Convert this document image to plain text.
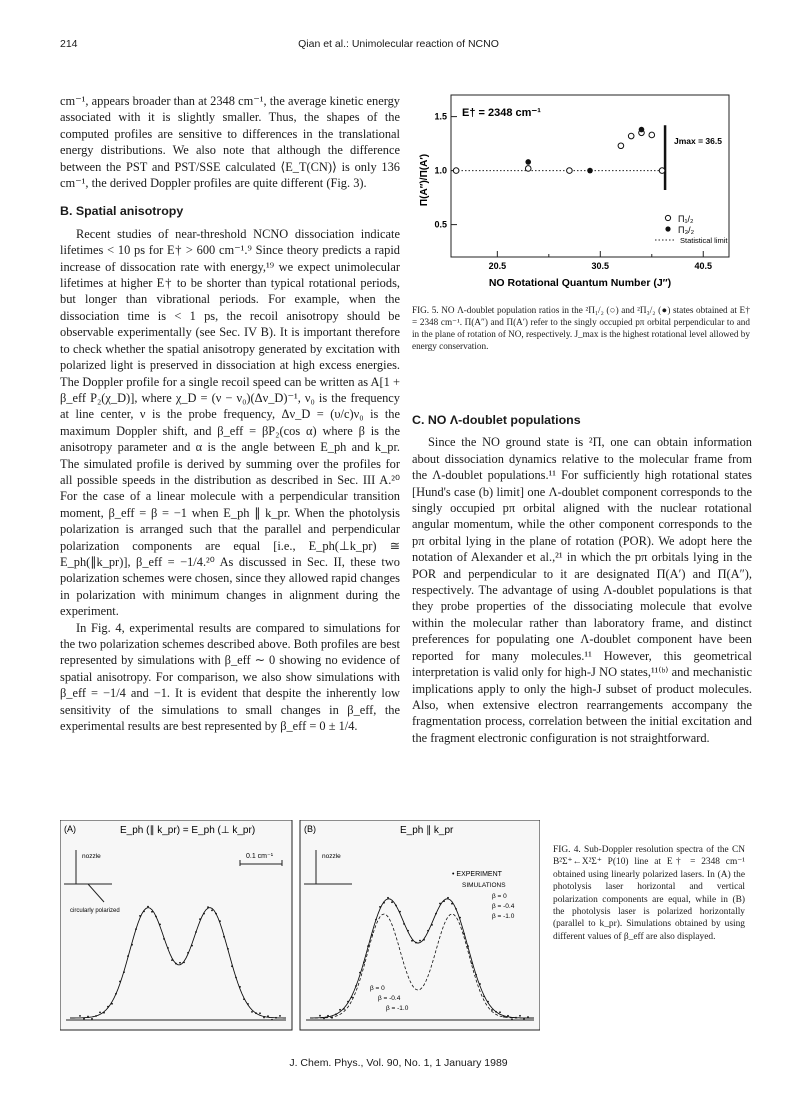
214	Qian et al.: Unimolecular reaction of NCNO

cm⁻¹, appears broader than at 2348 cm⁻¹, the average kinetic energy associated with it is slightly smaller. Thus, the shapes of the computed profiles are sensitive to differences in the translational energy distributions. We also note that although the difference between the PST and PST/SSE calculated ⟨E_T(CN)⟩ is only 136 cm⁻¹, the derived Doppler profiles are quite different (Fig. 3).

B. Spatial anisotropy

Recent studies of near-threshold NCNO dissociation indicate lifetimes < 10 ps for E† > 600 cm⁻¹.⁹ Since theory predicts a rapid increase of dissocation rate with energy,¹⁹ we expect unimolecular lifetimes at higher E† to be shorter than typical rotational periods, but longer than vibrational periods. For example, when the dissociation time is < 1 ps, the recoil anisotropy should be observable experimentally (see Sec. IV B). It is important therefore to check whether the spatial anisotropy generated by excitation with polarized light is preserved in dissociation at high excess energies. The Doppler profile for a single recoil speed can be written as A[1 + β_eff P₂(χ_D)], where χ_D = (ν − ν₀)(Δν_D)⁻¹, ν₀ is the frequency at line center, ν is the probe frequency, Δν_D = (υ/c)ν₀ is the maximum Doppler shift, and β_eff = βP₂(cos α) where β is the anisotropy parameter and α is the angle between E_ph and k_pr. The simulated profile is derived by summing over the profiles for all possible speeds in the distribution as described in Sec. III A.²⁰ For the case of a linear molecule with a perpendicular transition moment, β_eff = β = −1 when E_ph ∥ k_pr. When the photolysis polarization is arranged such that the parallel and perpendicular polarization components are equal [i.e., E_ph(⊥k_pr) ≅ E_ph(∥k_pr)], β_eff = −1/4.²⁰ As discussed in Sec. II, these two polarization schemes were chosen, since they allowed rapid changes in polarization with minimum changes in alignment during the experiment.

In Fig. 4, experimental results are compared to simulations for the two polarization schemes described above. Both profiles are best represented by simulations with β_eff ∼ 0 showing no evidence of spatial anisotropy. For comparison, we also show simulations with β_eff = −1/4 and −1. It is evident that despite the inherently low sensitivity of the simulations to small changes in β_eff, the experimental results are best represented by β_eff = 0 ± 1/4.

E† = 2348 cm⁻¹
Jmax = 36.5
Π(A″)/Π(A′)
NO Rotational Quantum Number (J″)
0.5
1.0
1.5
20.5	30.5	40.5
Π₁/₂
Π₃/₂
Statistical limit
FIG. 5. NO Λ-doublet population ratios in the ²Π₁/₂ (○) and ²Π₃/₂ (●) states obtained at E† = 2348 cm⁻¹. Π(A″) and Π(A′) refer to the singly occupied pπ orbital perpendicular to and in the plane of rotation of NO, respectively. J_max is the highest rotational level allowed by energy conservation.
C. NO Λ-doublet populations

Since the NO ground state is ²Π, one can obtain information about dissociation dynamics relative to the molecular frame from the Λ-doublet populations.¹¹ For sufficiently high rotational states [Hund's case (b) limit] one Λ-doublet component corresponds to the singly occupied pπ orbital aligned with the nuclear rotational angular momentum, while the other component corresponds to the pπ orbital lying in the plane of rotation (POR). We adopt here the notation of Alexander et al.,²¹ in which the pπ orbitals lying in the POR and perpendicular to it are designated Π(A′) and Π(A″), respectively. The advantage of using Λ-doublet populations is that they probe properties of the dissociating molecule that evolve within the molecular rather than laboratory frame, and distinct preferences for populating one Λ-doublet component have been reported for many molecules.¹¹ However, this geometrical interpretation is valid only for high-J NO states,¹¹⁽ᵇ⁾ and mechanistic implications apply to only the high-J subset of product molecules. Also, when extensive electron rearrangements accompany the fragmentation process, correlation between the initial excitation and the fragment electronic configuration is not straightforward.

(A)	E_ph (∥ k_pr) = E_ph (⊥ k_pr)
nozzle
circularly polarized
0.1 cm⁻¹
(B)	E_ph ∥ k_pr
nozzle
• EXPERIMENT
SIMULATIONS
β = 0
β = -0.4
β = -1.0
β = 0
β = -0.4
β = -1.0
FIG. 4. Sub-Doppler resolution spectra of the CN B²Σ⁺←X²Σ⁺ P(10) line at E† = 2348 cm⁻¹ obtained using linearly polarized lasers. In (A) the photolysis laser horizontal and vertical polarization components are equal, while in (B) the photolysis laser is polarized horizontally (parallel to k_pr). Simulations obtained by using different values of β_eff are also displayed.
J. Chem. Phys., Vol. 90, No. 1, 1 January 1989
